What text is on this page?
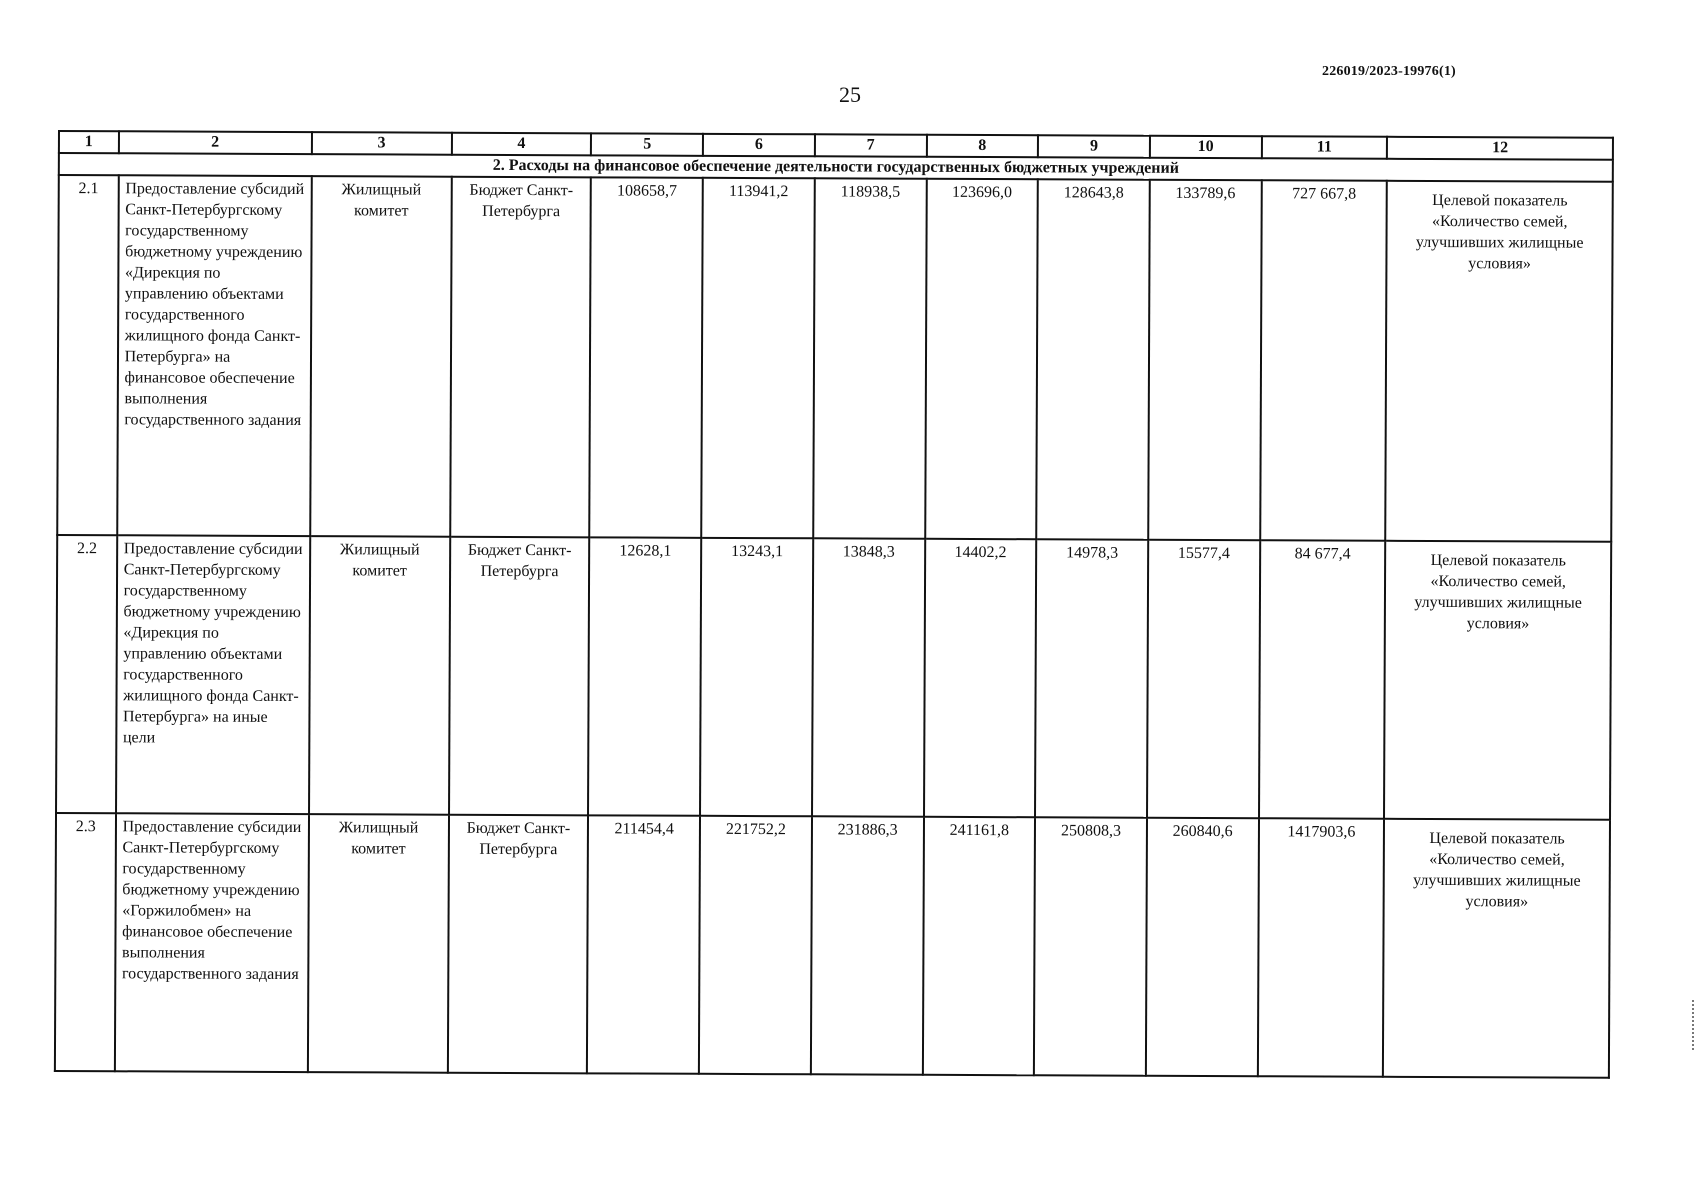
226019/2023-19976(1)
25
1	2	3	4	5	6	7	8	9	10	11	12
2. Расходы на финансовое обеспечение деятельности государственных бюджетных учреждений											
2.1	Предоставление субсидий Санкт-Петербургскому государственному бюджетному учреждению «Дирекция по управлению объектами государственного жилищного фонда Санкт-Петербурга» на финансовое обеспечение выполнения государственного задания	Жилищный комитет	Бюджет Санкт-Петербурга	108658,7	113941,2	118938,5	123696,0	128643,8	133789,6	727 667,8	Целевой показатель «Количество семей, улучшивших жилищные условия»
2.2	Предоставление субсидии Санкт-Петербургскому государственному бюджетному учреждению «Дирекция по управлению объектами государственного жилищного фонда Санкт-Петербурга» на иные цели	Жилищный комитет	Бюджет Санкт-Петербурга	12628,1	13243,1	13848,3	14402,2	14978,3	15577,4	84 677,4	Целевой показатель «Количество семей, улучшивших жилищные условия»
2.3	Предоставление субсидии Санкт-Петербургскому государственному бюджетному учреждению «Горжилобмен» на финансовое обеспечение выполнения государственного задания	Жилищный комитет	Бюджет Санкт-Петербурга	211454,4	221752,2	231886,3	241161,8	250808,3	260840,6	1417903,6	Целевой показатель «Количество семей, улучшивших жилищные условия»
